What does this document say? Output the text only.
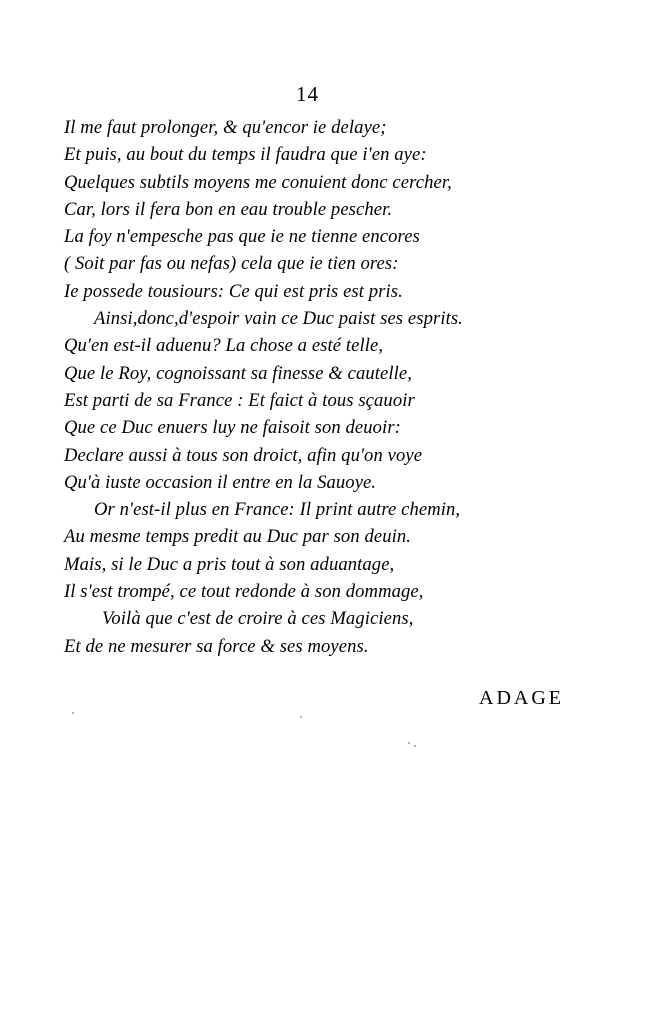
14
Il me faut prolonger, & qu'encor ie delaye;
Et puis, au bout du temps il faudra que i'en aye:
Quelques subtils moyens me conuient donc cercher,
Car, lors il fera bon en eau trouble pescher.
La foy n'empesche pas que ie ne tienne encores
( Soit par fas ou nefas) cela que ie tien ores:
Ie possede tousiours: Ce qui est pris est pris.
Ainsi,donc,d'espoir vain ce Duc paist ses esprits.
Qu'en est-il aduenu? La chose a esté telle,
Que le Roy, cognoissant sa finesse & cautelle,
Est parti de sa France : Et faict à tous sçauoir
Que ce Duc enuers luy ne faisoit son deuoir:
Declare aussi à tous son droict, afin qu'on voye
Qu'à iuste occasion il entre en la Sauoye.
Or n'est-il plus en France: Il print autre chemin,
Au mesme temps predit au Duc par son deuin.
Mais, si le Duc a pris tout à son aduantage,
Il s'est trompé, ce tout redonde à son dommage,
Voilà que c'est de croire à ces Magiciens,
Et de ne mesurer sa force & ses moyens.
ADAGE
